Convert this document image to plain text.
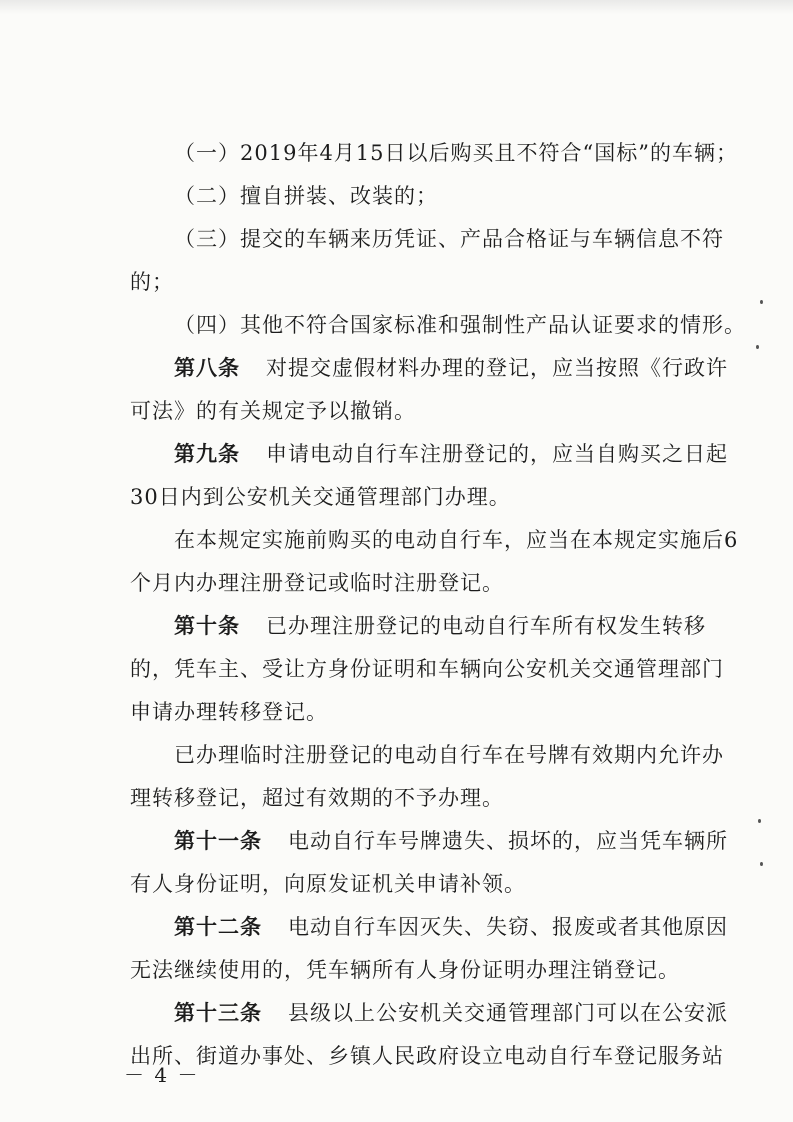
（一）2019年4月15日以后购买且不符合“国标”的车辆；
（二）擅自拼装、改装的；
（三）提交的车辆来历凭证、产品合格证与车辆信息不符
的；
（四）其他不符合国家标准和强制性产品认证要求的情形。
第八条 对提交虚假材料办理的登记，应当按照《行政许
可法》的有关规定予以撤销。
第九条 申请电动自行车注册登记的，应当自购买之日起
30日内到公安机关交通管理部门办理。
在本规定实施前购买的电动自行车，应当在本规定实施后6
个月内办理注册登记或临时注册登记。
第十条 已办理注册登记的电动自行车所有权发生转移
的，凭车主、受让方身份证明和车辆向公安机关交通管理部门
申请办理转移登记。
已办理临时注册登记的电动自行车在号牌有效期内允许办
理转移登记，超过有效期的不予办理。
第十一条 电动自行车号牌遗失、损坏的，应当凭车辆所
有人身份证明，向原发证机关申请补领。
第十二条 电动自行车因灭失、失窃、报废或者其他原因
无法继续使用的，凭车辆所有人身份证明办理注销登记。
第十三条 县级以上公安机关交通管理部门可以在公安派
出所、街道办事处、乡镇人民政府设立电动自行车登记服务站
－ 4 －
